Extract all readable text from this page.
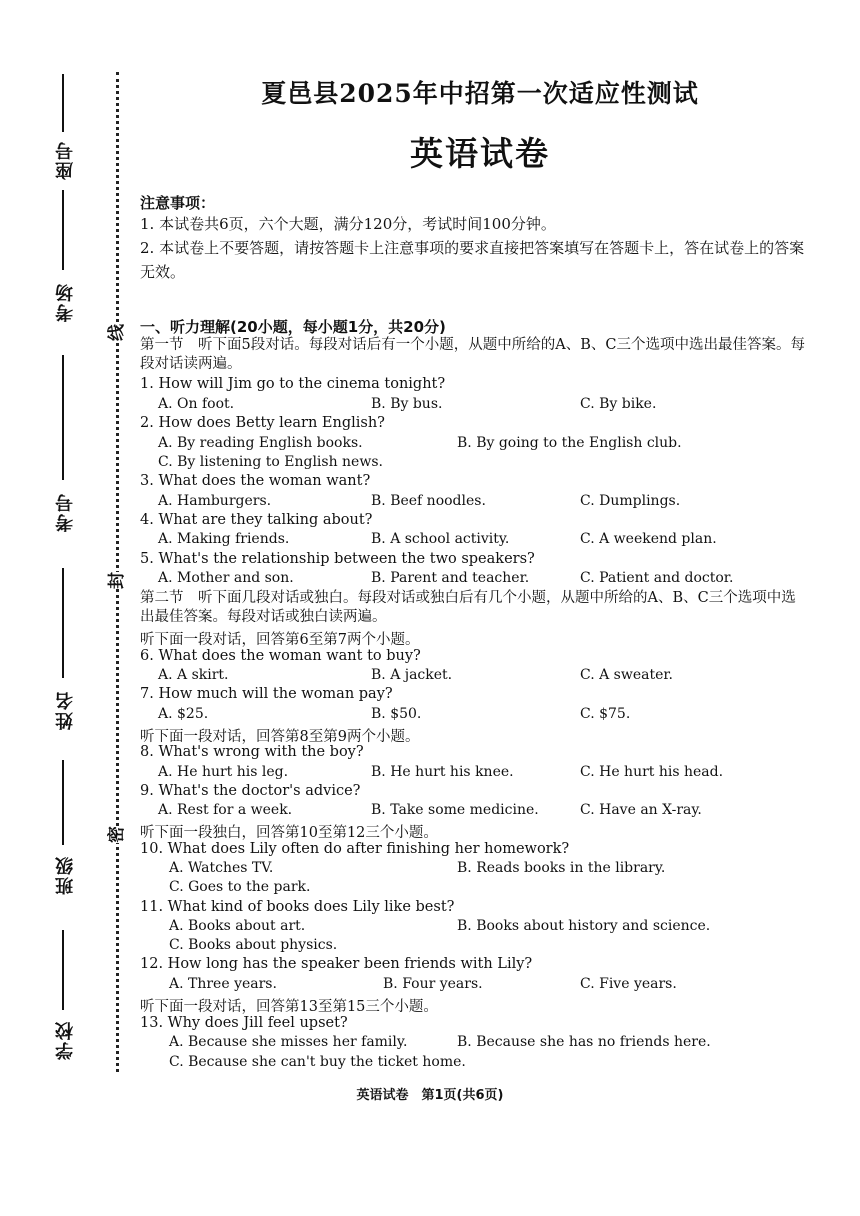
座号
考场
考号
姓名
班级
学校
线
封
密
夏邑县2025年中招第一次适应性测试
英语试卷
注意事项：
1. 本试卷共6页，六个大题，满分120分，考试时间100分钟。
2. 本试卷上不要答题，请按答题卡上注意事项的要求直接把答案填写在答题卡上，答在试卷上的答案无效。
一、听力理解(20小题，每小题1分，共20分)
第一节　听下面5段对话。每段对话后有一个小题，从题中所给的A、B、C三个选项中选出最佳答案。每段对话读两遍。
1. How will Jim go to the cinema tonight?
A. On foot.	B. By bus.	C. By bike.
2. How does Betty learn English?
A. By reading English books.	B. By going to the English club.
C. By listening to English news.
3. What does the woman want?
A. Hamburgers.	B. Beef noodles.	C. Dumplings.
4. What are they talking about?
A. Making friends.	B. A school activity.	C. A weekend plan.
5. What's the relationship between the two speakers?
A. Mother and son.	B. Parent and teacher.	C. Patient and doctor.
第二节　听下面几段对话或独白。每段对话或独白后有几个小题，从题中所给的A、B、C三个选项中选出最佳答案。每段对话或独白读两遍。
听下面一段对话，回答第6至第7两个小题。
6. What does the woman want to buy?
A. A skirt.	B. A jacket.	C. A sweater.
7. How much will the woman pay?
A. $25.	B. $50.	C. $75.
听下面一段对话，回答第8至第9两个小题。
8. What's wrong with the boy?
A. He hurt his leg.	B. He hurt his knee.	C. He hurt his head.
9. What's the doctor's advice?
A. Rest for a week.	B. Take some medicine.	C. Have an X-ray.
听下面一段独白，回答第10至第12三个小题。
10. What does Lily often do after finishing her homework?
A. Watches TV.	B. Reads books in the library.
C. Goes to the park.
11. What kind of books does Lily like best?
A. Books about art.	B. Books about history and science.
C. Books about physics.
12. How long has the speaker been friends with Lily?
A. Three years.	B. Four years.	C. Five years.
听下面一段对话，回答第13至第15三个小题。
13. Why does Jill feel upset?
A. Because she misses her family.	B. Because she has no friends here.
C. Because she can't buy the ticket home.
英语试卷　第1页(共6页)
